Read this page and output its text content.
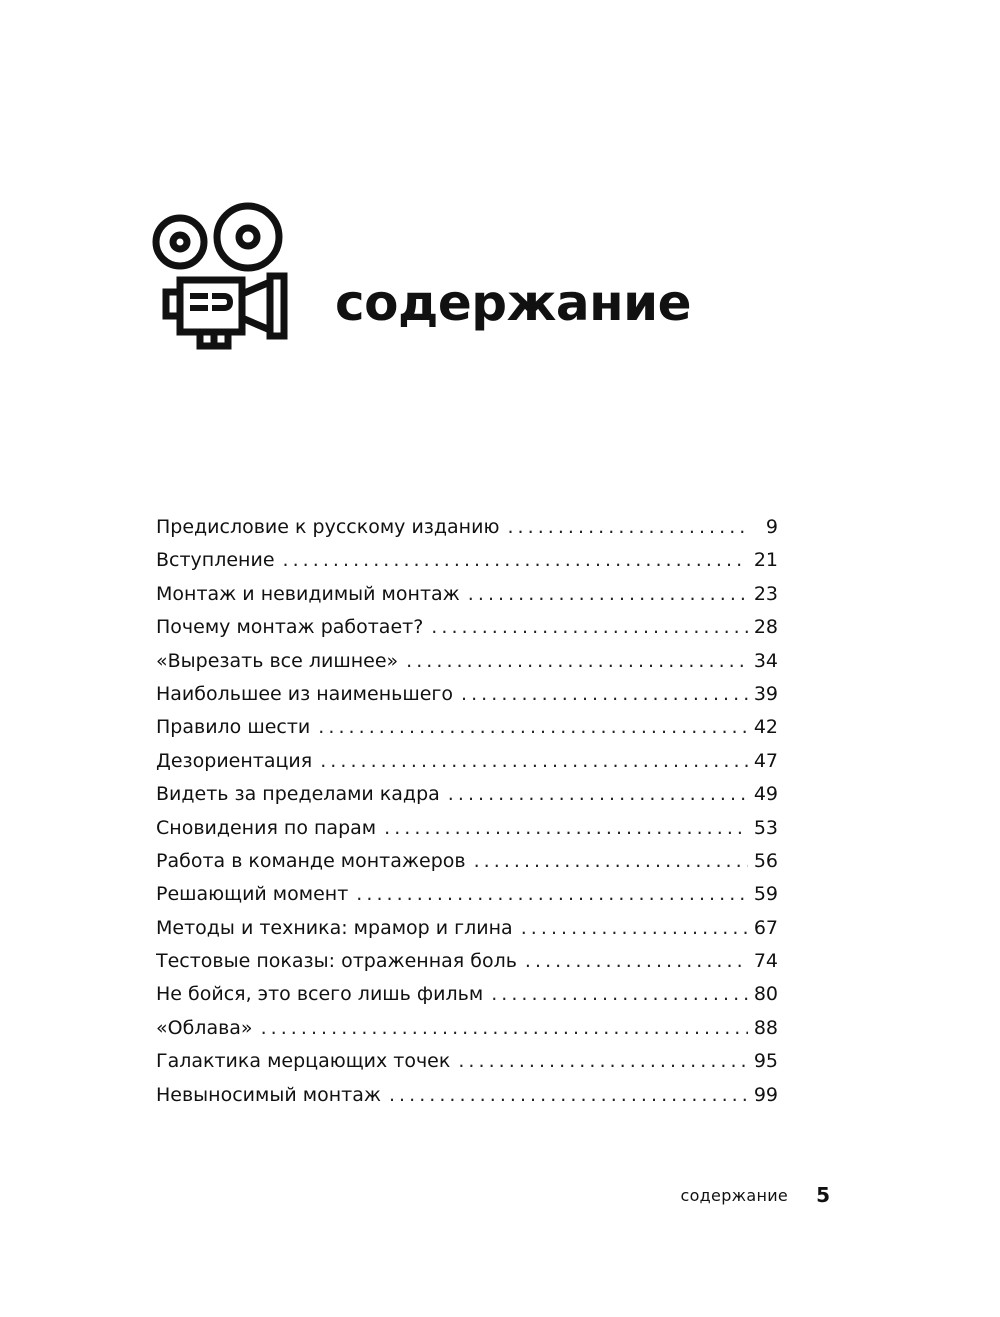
содержание
Предисловие к русскому изданию . . .	9
Вступление . . .	21
Монтаж и невидимый монтаж . . .	23
Почему монтаж работает? . . .	28
«Вырезать все лишнее» . . .	34
Наибольшее из наименьшего . . .	39
Правило шести . . .	42
Дезориентация . . .	47
Видеть за пределами кадра . . .	49
Сновидения по парам . . .	53
Работа в команде монтажеров . . .	56
Решающий момент . . .	59
Методы и техника: мрамор и глина . . .	67
Тестовые показы: отраженная боль . . .	74
Не бойся, это всего лишь фильм . . .	80
«Облава» . . .	88
Галактика мерцающих точек . . .	95
Невыносимый монтаж . . .	99
содержание 5
